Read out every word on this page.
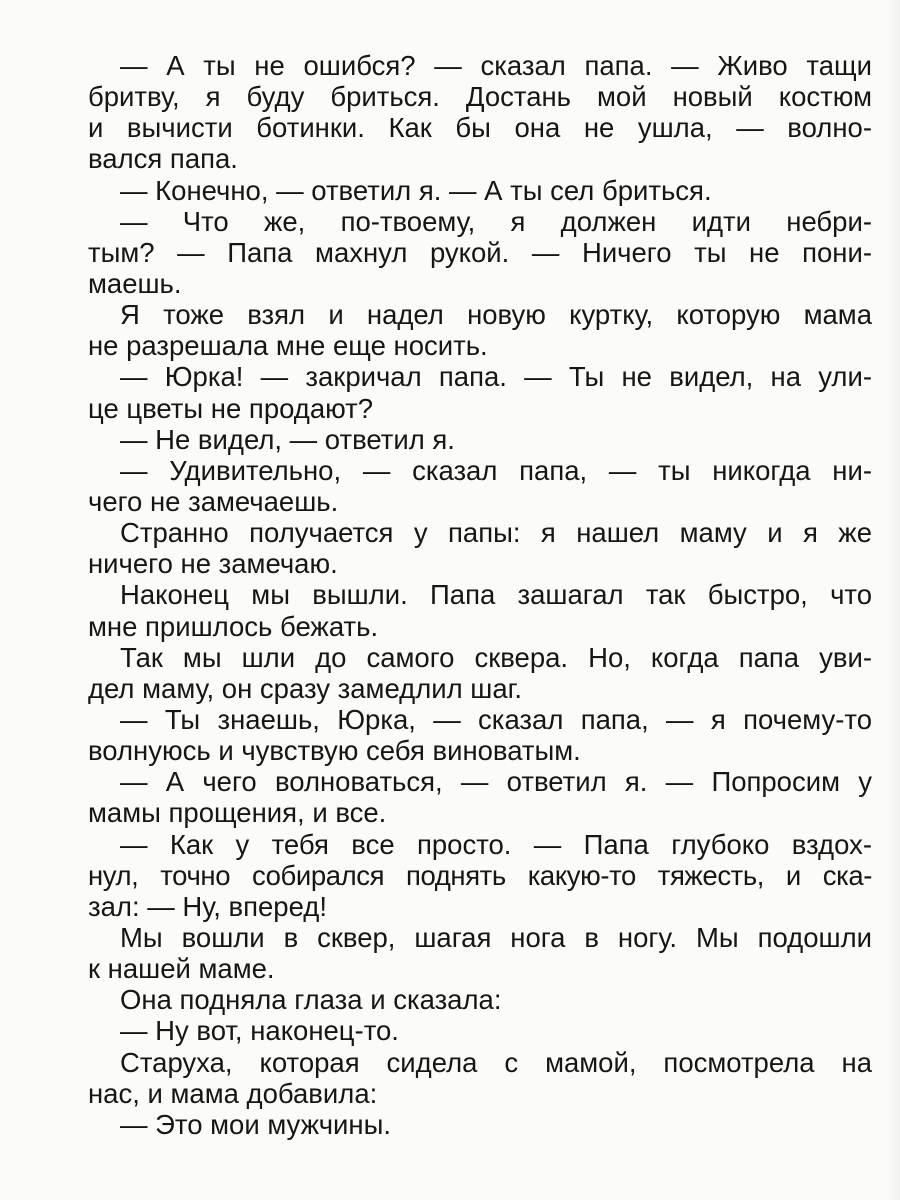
— А ты не ошибся? — сказал папа. — Живо тащи
бритву, я буду бриться. Достань мой новый костюм
и вычисти ботинки. Как бы она не ушла, — волно-
вался папа.
— Конечно, — ответил я. — А ты сел бриться.
— Что же, по-твоему, я должен идти небри-
тым? — Папа махнул рукой. — Ничего ты не пони-
маешь.
Я тоже взял и надел новую куртку, которую мама
не разрешала мне еще носить.
— Юрка! — закричал папа. — Ты не видел, на ули-
це цветы не продают?
— Не видел, — ответил я.
— Удивительно, — сказал папа, — ты никогда ни-
чего не замечаешь.
Странно получается у папы: я нашел маму и я же
ничего не замечаю.
Наконец мы вышли. Папа зашагал так быстро, что
мне пришлось бежать.
Так мы шли до самого сквера. Но, когда папа уви-
дел маму, он сразу замедлил шаг.
— Ты знаешь, Юрка, — сказал папа, — я почему-то
волнуюсь и чувствую себя виноватым.
— А чего волноваться, — ответил я. — Попросим у
мамы прощения, и все.
— Как у тебя все просто. — Папа глубоко вздох-
нул, точно собирался поднять какую-то тяжесть, и ска-
зал: — Ну, вперед!
Мы вошли в сквер, шагая нога в ногу. Мы подошли
к нашей маме.
Она подняла глаза и сказала:
— Ну вот, наконец-то.
Старуха, которая сидела с мамой, посмотрела на
нас, и мама добавила:
— Это мои мужчины.
